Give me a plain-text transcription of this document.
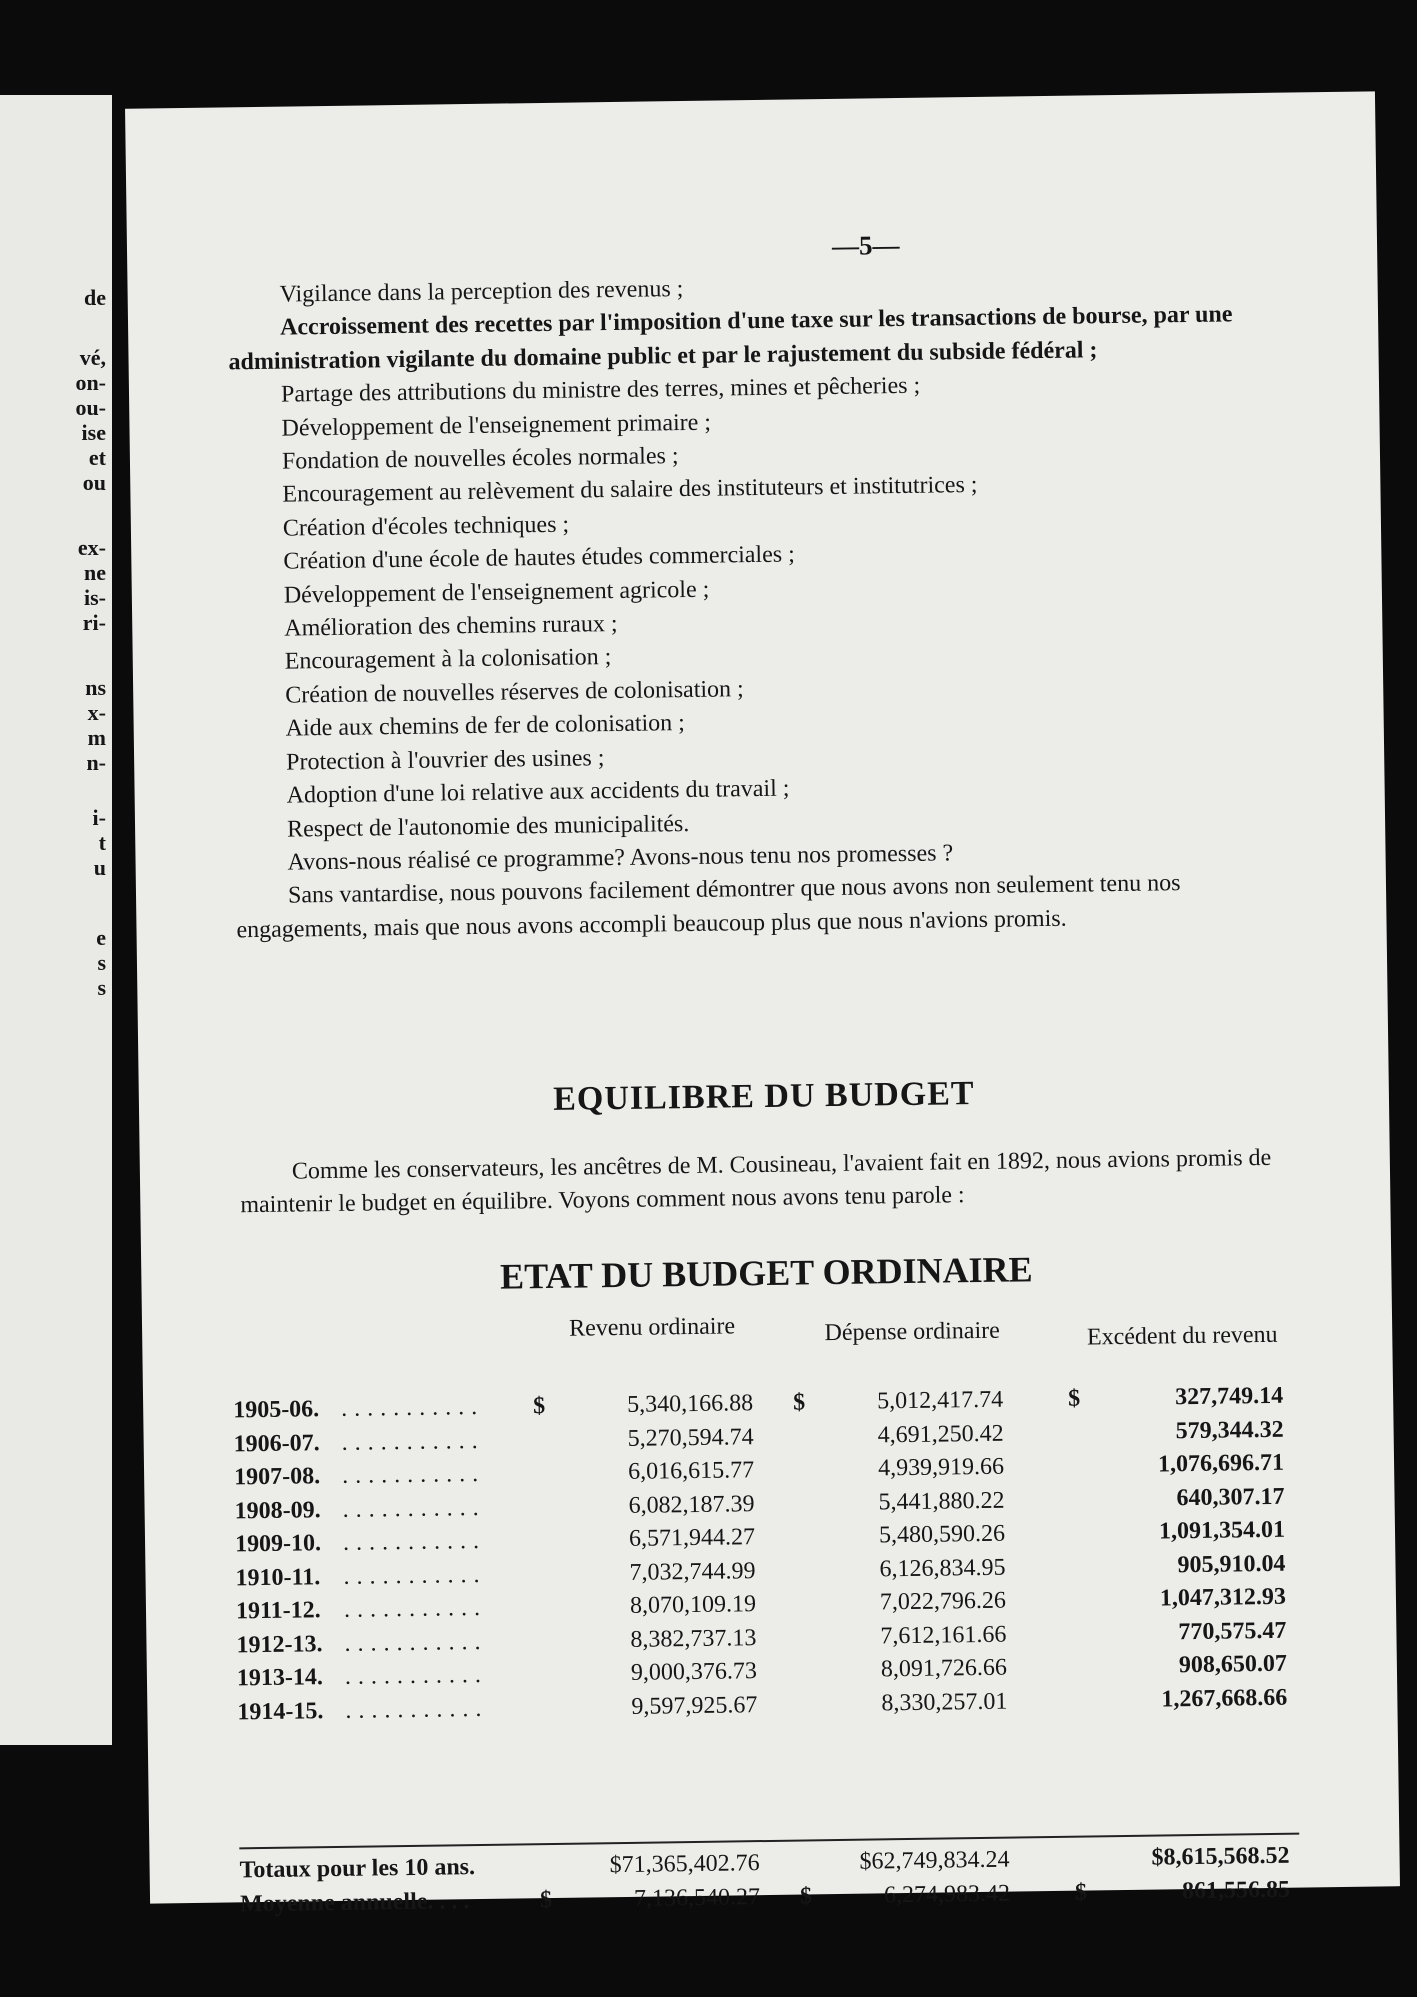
de
vé,
on-
ou-
ise
et
ou
ex-
ne
is-
ri-
ns
x-
m
n-
i-
t
u
e
s
s
—5—

Vigilance dans la perception des revenus ;

Accroissement des recettes par l'imposition d'une taxe sur les transactions de bourse, par une administration vigilante du domaine public et par le rajustement du subside fédéral ;

Partage des attributions du ministre des terres, mines et pêcheries ;

Développement de l'enseignement primaire ;

Fondation de nouvelles écoles normales ;

Encouragement au relèvement du salaire des instituteurs et institutrices ;

Création d'écoles techniques ;

Création d'une école de hautes études commerciales ;

Développement de l'enseignement agricole ;

Amélioration des chemins ruraux ;

Encouragement à la colonisation ;

Création de nouvelles réserves de colonisation ;

Aide aux chemins de fer de colonisation ;

Protection à l'ouvrier des usines ;

Adoption d'une loi relative aux accidents du travail ;

Respect de l'autonomie des municipalités.

Avons-nous réalisé ce programme? Avons-nous tenu nos promesses ?

Sans vantardise, nous pouvons facilement démontrer que nous avons non seulement tenu nos engagements, mais que nous avons accompli beaucoup plus que nous n'avions promis.

EQUILIBRE DU BUDGET

Comme les conservateurs, les ancêtres de M. Cousineau, l'avaient fait en 1892, nous avions promis de maintenir le budget en équilibre. Voyons comment nous avons tenu parole :

ETAT DU BUDGET ORDINAIRE
Revenu ordinaire	Dépense ordinaire	Excédent du revenu
1905-06. ........... $	5,340,166.88 $	5,012,417.74	$	327,749.14
1906-07. ...........	5,270,594.74	4,691,250.42	579,344.32
1907-08. ...........	6,016,615.77	4,939,919.66	1,076,696.71
1908-09. ...........	6,082,187.39	5,441,880.22	640,307.17
1909-10. ...........	6,571,944.27	5,480,590.26	1,091,354.01
1910-11. ...........	7,032,744.99	6,126,834.95	905,910.04
1911-12. ...........	8,070,109.19	7,022,796.26	1,047,312.93
1912-13. ...........	8,382,737.13	7,612,161.66	770,575.47
1913-14. ...........	9,000,376.73	8,091,726.66	908,650.07
1914-15. ...........	9,597,925.67	8,330,257.01	1,267,668.66
Totaux pour les 10 ans.	$71,365,402.76	$62,749,834.24	$8,615,568.52
Moyenne annuelle. . . .	$	7,136,540.27 $	6,274,983.42	$	861,556.85
